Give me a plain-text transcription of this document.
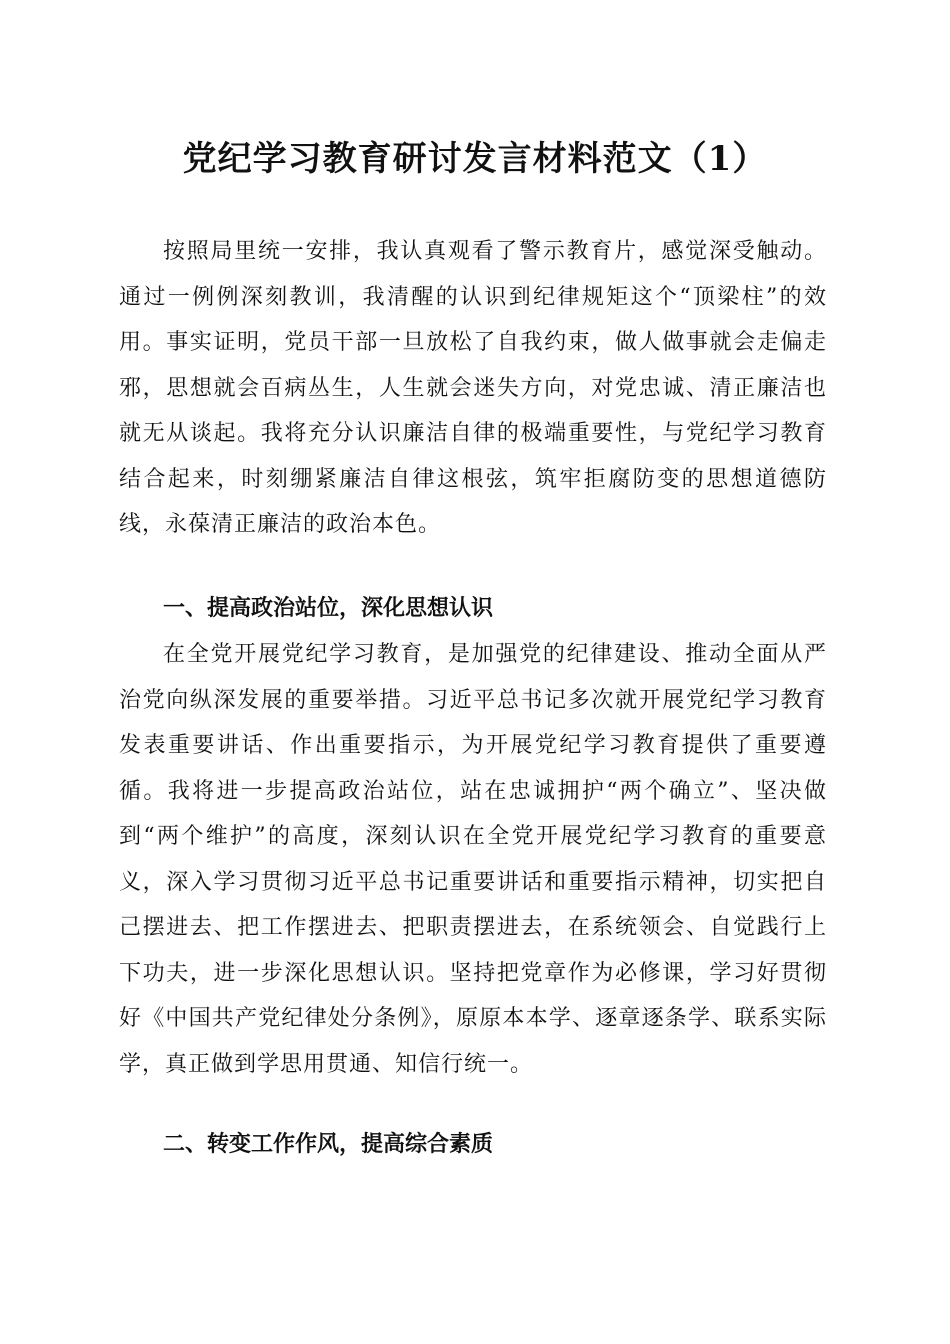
党纪学习教育研讨发言材料范文（1）

按照局里统一安排，我认真观看了警示教育片，感觉深受触动。通过一例例深刻教训，我清醒的认识到纪律规矩这个“顶梁柱”的效用。事实证明，党员干部一旦放松了自我约束，做人做事就会走偏走邪，思想就会百病丛生，人生就会迷失方向，对党忠诚、清正廉洁也就无从谈起。我将充分认识廉洁自律的极端重要性，与党纪学习教育结合起来，时刻绷紧廉洁自律这根弦，筑牢拒腐防变的思想道德防线，永葆清正廉洁的政治本色。

一、提高政治站位，深化思想认识

在全党开展党纪学习教育，是加强党的纪律建设、推动全面从严治党向纵深发展的重要举措。习近平总书记多次就开展党纪学习教育发表重要讲话、作出重要指示，为开展党纪学习教育提供了重要遵循。我将进一步提高政治站位，站在忠诚拥护“两个确立”、坚决做到“两个维护”的高度，深刻认识在全党开展党纪学习教育的重要意义，深入学习贯彻习近平总书记重要讲话和重要指示精神，切实把自己摆进去、把工作摆进去、把职责摆进去，在系统领会、自觉践行上下功夫，进一步深化思想认识。坚持把党章作为必修课，学习好贯彻好《中国共产党纪律处分条例》，原原本本学、逐章逐条学、联系实际学，真正做到学思用贯通、知信行统一。

二、转变工作作风，提高综合素质
